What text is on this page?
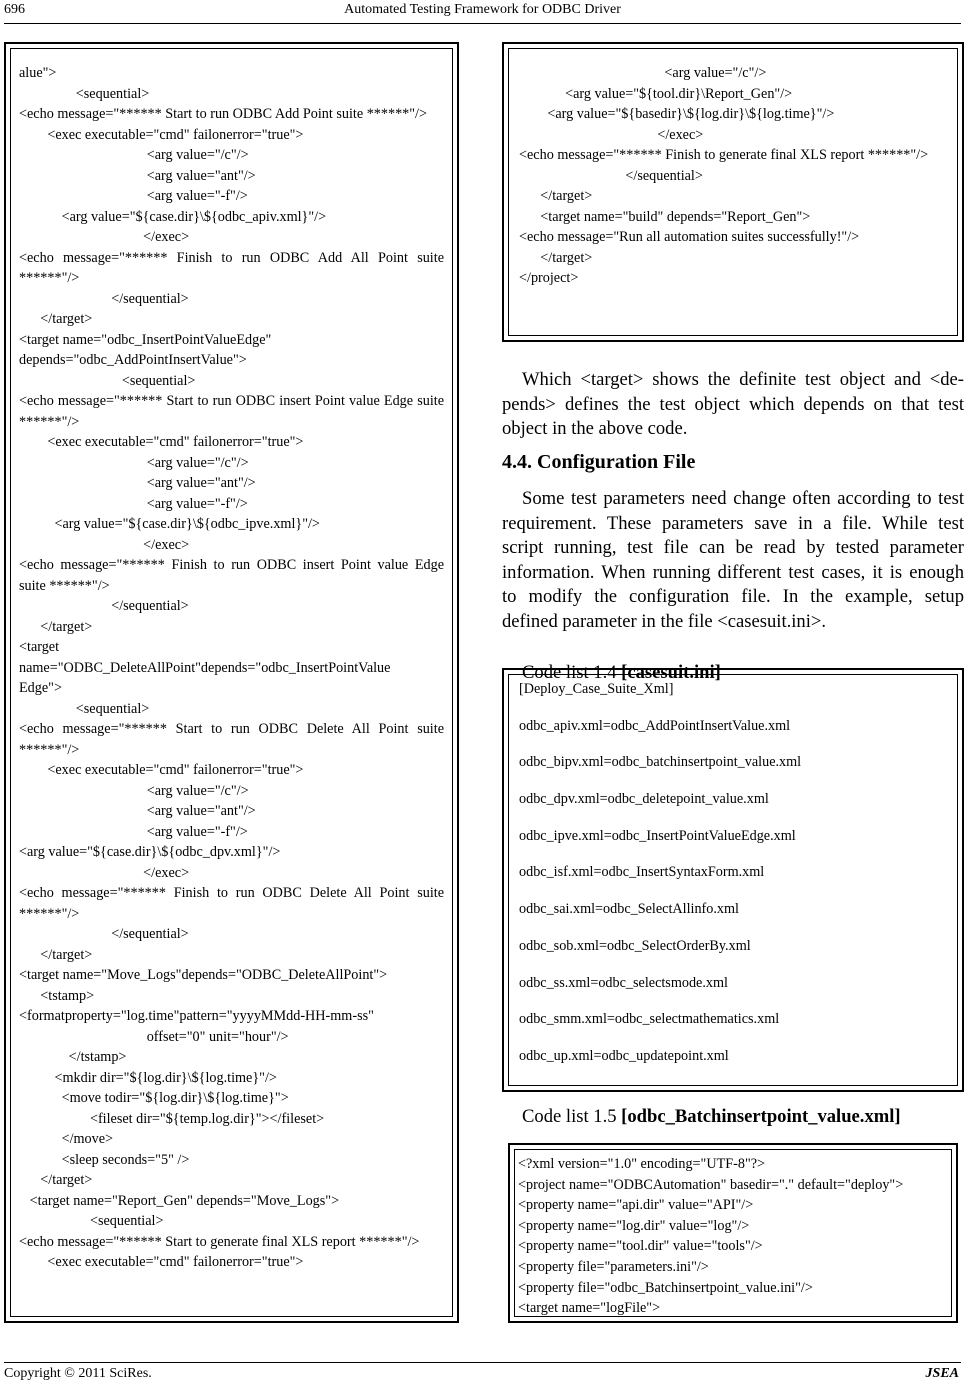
696	Automated Testing Framework for ODBC Driver
alue">
<sequential>
<echo message="****** Start to run ODBC Add Point suite ******"/>
<exec executable="cmd" failonerror="true">
<arg value="/c"/>
<arg value="ant"/>
<arg value="-f"/>
<arg value="${case.dir}\${odbc_apiv.xml}"/>
</exec>
<echo message="****** Finish to run ODBC Add All Point suite ******"/>
</sequential>
</target>
<target name="odbc_InsertPointValueEdge"
depends="odbc_AddPointInsertValue">
<sequential>
<echo message="****** Start to run ODBC insert Point value Edge suite ******"/>
<exec executable="cmd" failonerror="true">
<arg value="/c"/>
<arg value="ant"/>
<arg value="-f"/>
<arg value="${case.dir}\${odbc_ipve.xml}"/>
</exec>
<echo message="****** Finish to run ODBC insert Point value Edge suite ******"/>
</sequential>
</target>
<target
name="ODBC_DeleteAllPoint"depends="odbc_InsertPointValue
Edge">
<sequential>
<echo message="****** Start to run ODBC Delete All Point suite ******"/>
<exec executable="cmd" failonerror="true">
<arg value="/c"/>
<arg value="ant"/>
<arg value="-f"/>
<arg value="${case.dir}\${odbc_dpv.xml}"/>
</exec>
<echo message="****** Finish to run ODBC Delete All Point suite ******"/>
</sequential>
</target>
<target name="Move_Logs"depends="ODBC_DeleteAllPoint">
<tstamp>
<formatproperty="log.time"pattern="yyyyMMdd-HH-mm-ss"
offset="0" unit="hour"/>
</tstamp>
<mkdir dir="${log.dir}\${log.time}"/>
<move todir="${log.dir}\${log.time}">
<fileset dir="${temp.log.dir}"></fileset>
</move>
<sleep seconds="5" />
</target>
<target name="Report_Gen" depends="Move_Logs">
<sequential>
<echo message="****** Start to generate final XLS report ******"/>
<exec executable="cmd" failonerror="true">
<arg value="/c"/>
<arg value="${tool.dir}\Report_Gen"/>
<arg value="${basedir}\${log.dir}\${log.time}"/>
</exec>
<echo message="****** Finish to generate final XLS report ******"/>
</sequential>
</target>
<target name="build" depends="Report_Gen">
<echo message="Run all automation suites successfully!"/>
</target>
</project>
Which <target> shows the definite test object and <de-
pends> defines the test object which depends on that test
object in the above code.
4.4. Configuration File
Some test parameters need change often according to test
requirement. These parameters save in a file. While test
script running, test file can be read by tested parameter
information. When running different test cases, it is enough
to modify the configuration file. In the example, setup
defined parameter in the file <casesuit.ini>.
Code list 1.4 [casesuit.ini]
[Deploy_Case_Suite_Xml]
odbc_apiv.xml=odbc_AddPointInsertValue.xml
odbc_bipv.xml=odbc_batchinsertpoint_value.xml
odbc_dpv.xml=odbc_deletepoint_value.xml
odbc_ipve.xml=odbc_InsertPointValueEdge.xml
odbc_isf.xml=odbc_InsertSyntaxForm.xml
odbc_sai.xml=odbc_SelectAllinfo.xml
odbc_sob.xml=odbc_SelectOrderBy.xml
odbc_ss.xml=odbc_selectsmode.xml
odbc_smm.xml=odbc_selectmathematics.xml
odbc_up.xml=odbc_updatepoint.xml
Code list 1.5 [odbc_Batchinsertpoint_value.xml]
<?xml version="1.0" encoding="UTF-8"?>
<project name="ODBCAutomation" basedir="." default="deploy">
<property name="api.dir" value="API"/>
<property name="log.dir" value="log"/>
<property name="tool.dir" value="tools"/>
<property file="parameters.ini"/>
<property file="odbc_Batchinsertpoint_value.ini"/>
<target name="logFile">
Copyright © 2011 SciRes.	JSEA
